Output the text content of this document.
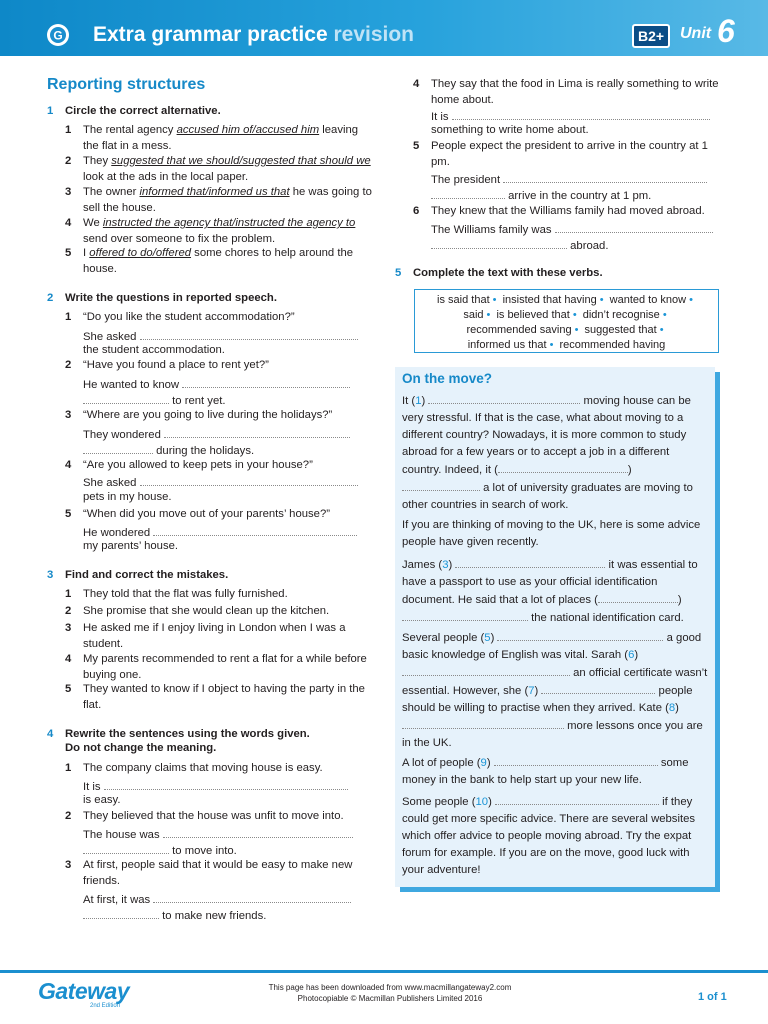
G Extra grammar practice revision	B2+ Unit 6
Reporting structures
1 Circle the correct alternative.
1 The rental agency accused him of/accused him leaving the flat in a mess.
2 They suggested that we should/suggested that should we look at the ads in the local paper.
3 The owner informed that/informed us that he was going to sell the house.
4 We instructed the agency that/instructed the agency to send over someone to fix the problem.
5 I offered to do/offered some chores to help around the house.
2 Write the questions in reported speech.
1 “Do you like the student accommodation?”
She asked
the student accommodation.
2 “Have you found a place to rent yet?”
He wanted to know
to rent yet.
3 “Where are you going to live during the holidays?”
They wondered
during the holidays.
4 “Are you allowed to keep pets in your house?”
She asked
pets in my house.
5 “When did you move out of your parents’ house?”
He wondered
my parents’ house.
3 Find and correct the mistakes.
1 They told that the flat was fully furnished.
2 She promise that she would clean up the kitchen.
3 He asked me if I enjoy living in London when I was a student.
4 My parents recommended to rent a flat for a while before buying one.
5 They wanted to know if I object to having the party in the flat.
4 Rewrite the sentences using the words given.
Do not change the meaning.
1 The company claims that moving house is easy.
It is
is easy.
2 They believed that the house was unfit to move into.
The house was
to move into.
3 At first, people said that it would be easy to make new friends.
At first, it was
to make new friends.
4 They say that the food in Lima is really something to write home about.
It is
something to write home about.
5 People expect the president to arrive in the country at 1 pm.
The president
arrive in the country at 1 pm.
6 They knew that the Williams family had moved abroad.
The Williams family was
abroad.
5 Complete the text with these verbs.
is said that • insisted that having • wanted to know •
said • is believed that • didn’t recognise •
recommended saving • suggested that •
informed us that • recommended having
On the move?
It (1)	moving house can be very stressful. If that is the case, what about moving to a different country? Nowadays, it is more common to study abroad for a few years or to accept a job in a different country. Indeed, it (	)  a lot of university graduates are moving to other countries in search of work.
If you are thinking of moving to the UK, here is some advice people have given recently.
James (3)	it was essential to have a passport to use as your official identification document. He said that a lot of places (	)  the national identification card.
Several people (5)	a good basic knowledge of English was vital. Sarah (6)  an official certificate wasn’t essential. However, she (7)	people should be willing to practise when they arrived. Kate (8)  more lessons once you are in the UK.
A lot of people (9)	some money in the bank to help start up your new life.
Some people (10)	if they could get more specific advice. There are several websites which offer advice to people moving abroad. Try the expat forum for example. If you are on the move, good luck with your adventure!
Gateway
2nd Edition
This page has been downloaded from www.macmillangateway2.com
Photocopiable © Macmillan Publishers Limited 2016	1 of 1
